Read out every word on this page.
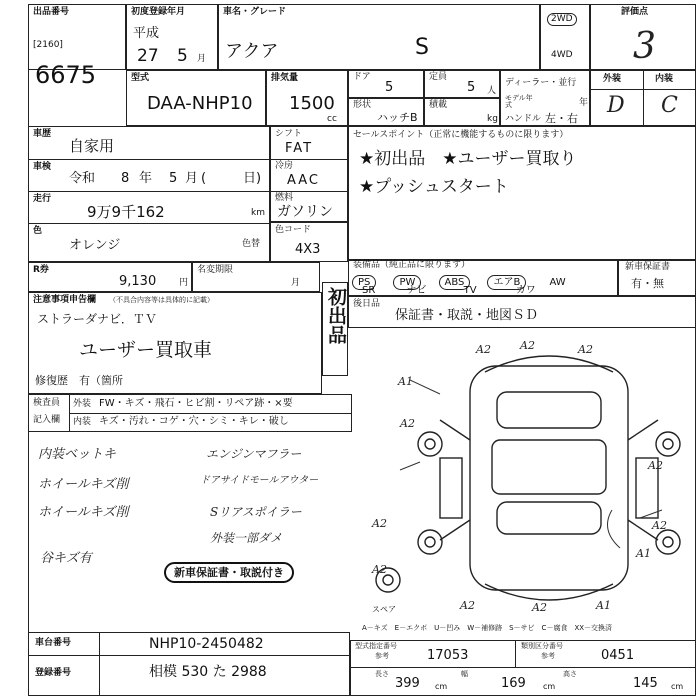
出品番号
[2160]
6675
初度登録年月
平成
27 5 月
車名・グレード
アクア	S
2WD
4WD
評価点
3
型式
DAA-NHP10
排気量
1500
cc
ドア
5
定員
5 人
形状
ハッチB
積載
kg
ディーラー・並行
モデル年式	年
ハンドル 左・右
外装	内装
D C
車歴
自家用
車検
令和 8 年 5 月 (	日)
走行
9万9千162	km
色
オレンジ
シフト
FAT
冷房
AAC
燃料
ガソリン
色コード
4X3
色替
セールスポイント（正常に機能するものに限ります）
★初出品　★ユーザー買取り
★プッシュスタート
R券
9,130	円
名変期限
月
装備品（純正品に限ります）
PS	PW	ABS	エアB	AW
SR	ナビ	TV	カワ
新車保証書
有・無
後日品
保証書・取説・地図ＳＤ
注意事項申告欄 （不具合内容等は具体的に記載）
ストラーダナビ．ＴＶ
ユーザー買取車
修復歴 有（箇所
初出品
検査員
記入欄
外装 FW・キズ・飛石・ヒビ割・リペア跡・×要
内装 キズ・汚れ・コゲ・穴・シミ・キレ・破し
内装ベットキ
ホイールキズ削
ホイールキズ削
谷キズ有
エンジンマフラー
ドアサイドモールアウター
Sリアスポイラー
外装一部ダメ
新車保証書・取説付き
スペア
A2	A2	A2
A2
A1
A2
A2
A1
A2
A2
A2	A2	A1
A－キズ　E－エクボ　U－凹み　W－補修跡　S－サビ　C－腐食　XX－交換済
車台番号	NHP10-2450482
登録番号	相模 530 た 2988
型式指定番号
参考	17053
類別区分番号
参考	0451
長さ
399 cm
幅
169 cm
高さ
145 cm
